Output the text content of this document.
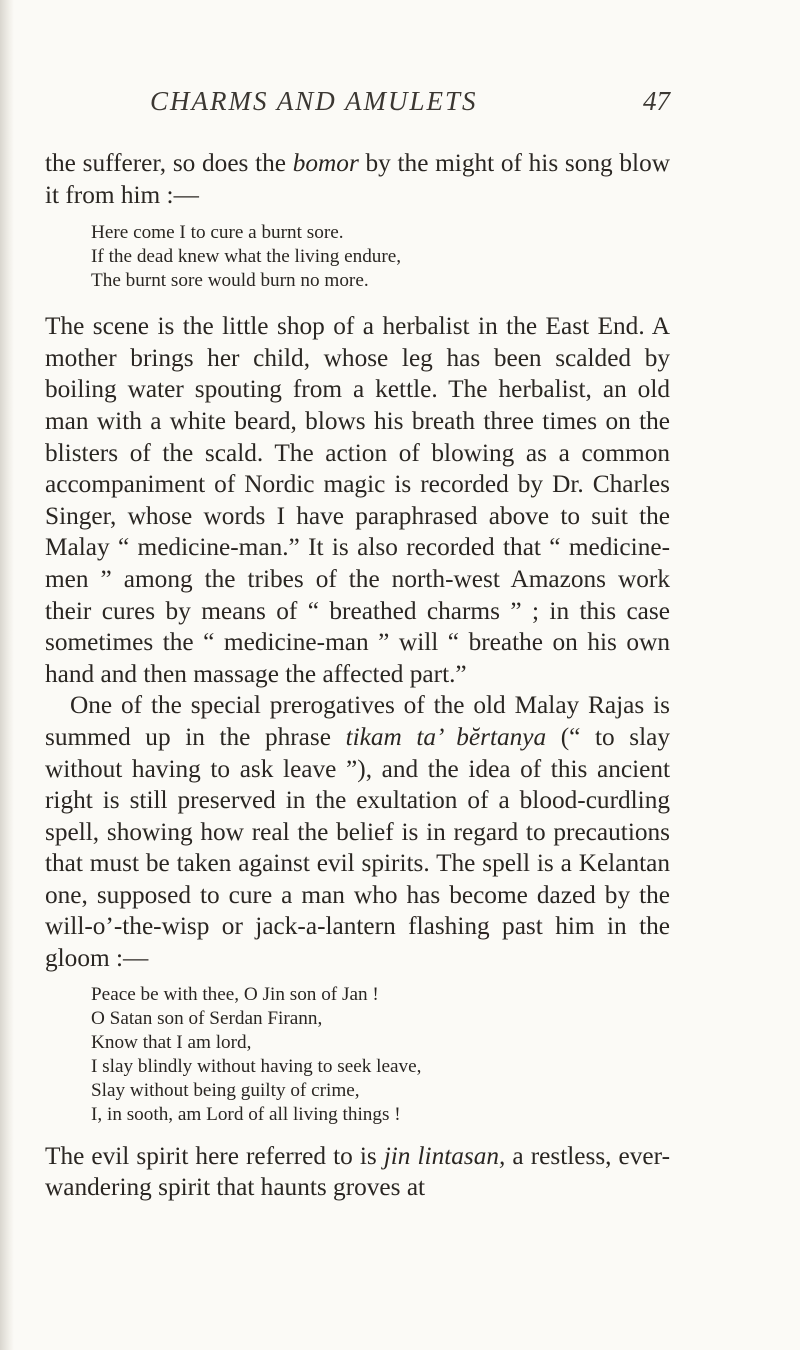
CHARMS AND AMULETS	47

the sufferer, so does the bomor by the might of his song blow it from him :—

Here come I to cure a burnt sore.
If the dead knew what the living endure,
The burnt sore would burn no more.

The scene is the little shop of a herbalist in the East End. A mother brings her child, whose leg has been scalded by boiling water spouting from a kettle. The herbalist, an old man with a white beard, blows his breath three times on the blisters of the scald. The action of blowing as a common accompaniment of Nordic magic is recorded by Dr. Charles Singer, whose words I have paraphrased above to suit the Malay “ medicine-man.” It is also recorded that “ medicine-men ” among the tribes of the north-west Amazons work their cures by means of “ breathed charms ” ; in this case sometimes the “ medicine-man ” will “ breathe on his own hand and then massage the affected part.”

One of the special prerogatives of the old Malay Rajas is summed up in the phrase tikam ta’ bĕrtanya (“ to slay without having to ask leave ”), and the idea of this ancient right is still preserved in the exultation of a blood-curdling spell, showing how real the belief is in regard to precautions that must be taken against evil spirits. The spell is a Kelantan one, supposed to cure a man who has become dazed by the will-o’-the-wisp or jack-a-lantern flashing past him in the gloom :—

Peace be with thee, O Jin son of Jan !
O Satan son of Serdan Firann,
Know that I am lord,
I slay blindly without having to seek leave,
Slay without being guilty of crime,
I, in sooth, am Lord of all living things !

The evil spirit here referred to is jin lintasan, a restless, ever-wandering spirit that haunts groves at
